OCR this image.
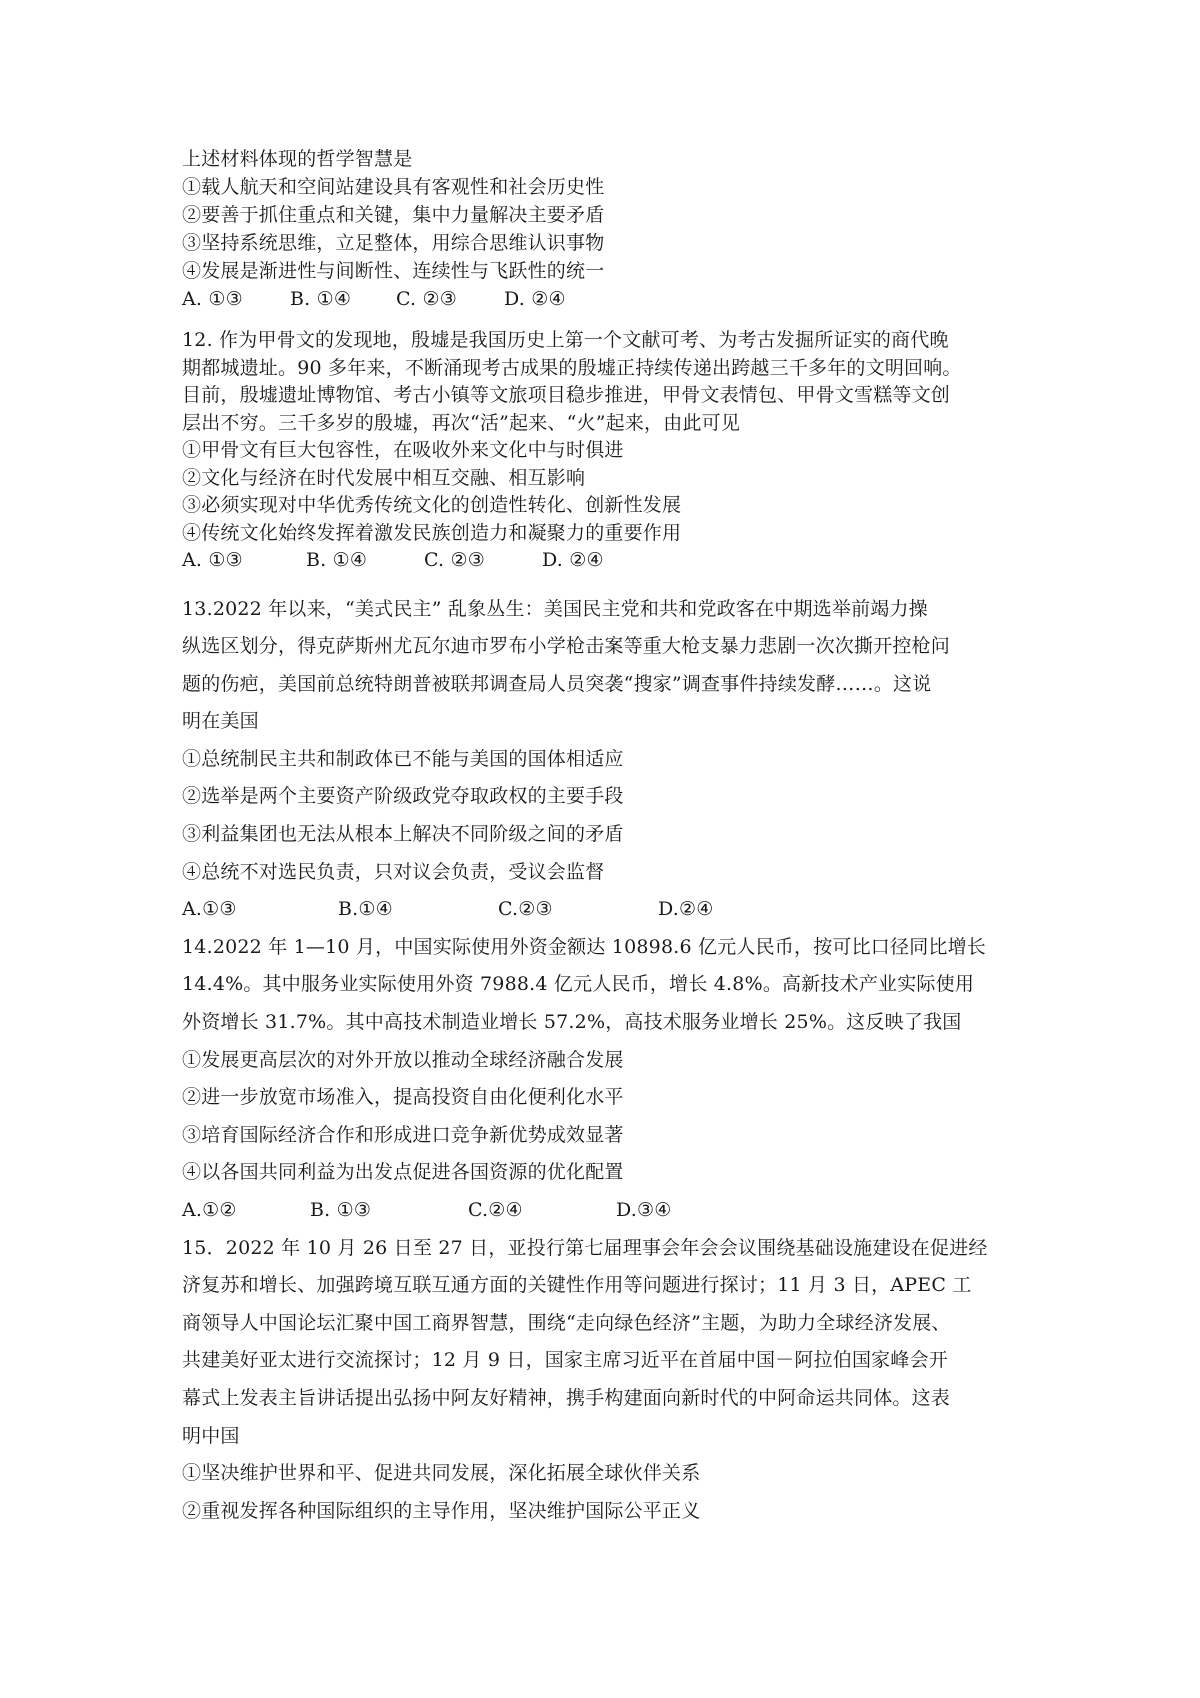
上述材料体现的哲学智慧是
①载人航天和空间站建设具有客观性和社会历史性
②要善于抓住重点和关键，集中力量解决主要矛盾
③坚持系统思维，立足整体，用综合思维认识事物
④发展是渐进性与间断性、连续性与飞跃性的统一
A. ①③	B. ①④	C. ②③	D. ②④
12. 作为甲骨文的发现地，殷墟是我国历史上第一个文献可考、为考古发掘所证实的商代晚
期都城遗址。90 多年来，不断涌现考古成果的殷墟正持续传递出跨越三千多年的文明回响。
目前，殷墟遗址博物馆、考古小镇等文旅项目稳步推进，甲骨文表情包、甲骨文雪糕等文创
层出不穷。三千多岁的殷墟，再次“活”起来、“火”起来，由此可见
①甲骨文有巨大包容性，在吸收外来文化中与时俱进
②文化与经济在时代发展中相互交融、相互影响
③必须实现对中华优秀传统文化的创造性转化、创新性发展
④传统文化始终发挥着激发民族创造力和凝聚力的重要作用
A. ①③	B. ①④	C. ②③	D. ②④
13.2022 年以来，“美式民主” 乱象丛生：美国民主党和共和党政客在中期选举前竭力操
纵选区划分，得克萨斯州尤瓦尔迪市罗布小学枪击案等重大枪支暴力悲剧一次次撕开控枪问
题的伤疤，美国前总统特朗普被联邦调查局人员突袭“搜家”调查事件持续发酵……。这说
明在美国
①总统制民主共和制政体已不能与美国的国体相适应
②选举是两个主要资产阶级政党夺取政权的主要手段
③利益集团也无法从根本上解决不同阶级之间的矛盾
④总统不对选民负责，只对议会负责，受议会监督
A.①③	B.①④	C.②③	D.②④
14.2022 年 1—10 月，中国实际使用外资金额达 10898.6 亿元人民币，按可比口径同比增长
14.4%。其中服务业实际使用外资 7988.4 亿元人民币，增长 4.8%。高新技术产业实际使用
外资增长 31.7%。其中高技术制造业增长 57.2%，高技术服务业增长 25%。这反映了我国
①发展更高层次的对外开放以推动全球经济融合发展
②进一步放宽市场准入，提高投资自由化便利化水平
③培育国际经济合作和形成进口竞争新优势成效显著
④以各国共同利益为出发点促进各国资源的优化配置
A.①②	B. ①③	C.②④	D.③④
15．2022 年 10 月 26 日至 27 日，亚投行第七届理事会年会会议围绕基础设施建设在促进经
济复苏和增长、加强跨境互联互通方面的关键性作用等问题进行探讨；11 月 3 日，APEC 工
商领导人中国论坛汇聚中国工商界智慧，围绕“走向绿色经济”主题，为助力全球经济发展、
共建美好亚太进行交流探讨；12 月 9 日，国家主席习近平在首届中国－阿拉伯国家峰会开
幕式上发表主旨讲话提出弘扬中阿友好精神，携手构建面向新时代的中阿命运共同体。这表
明中国
①坚决维护世界和平、促进共同发展，深化拓展全球伙伴关系
②重视发挥各种国际组织的主导作用，坚决维护国际公平正义
